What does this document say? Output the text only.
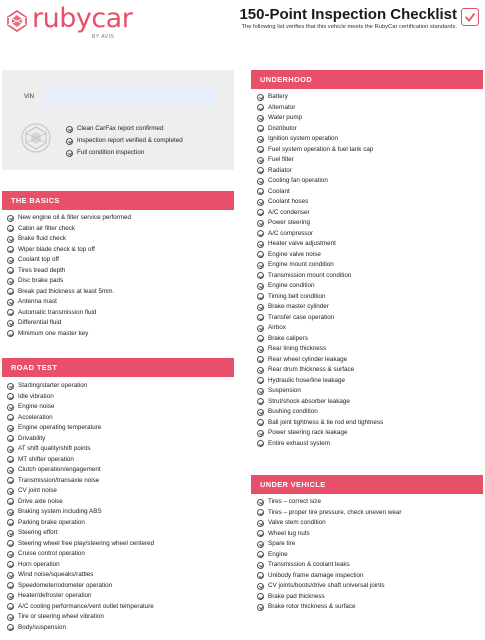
rubycar
BY AVIS
150-Point Inspection Checklist
The following list verifies that this vehicle meets the RubyCar certification standards.
VIN
Clean CarFax report confirmed
Inspection report verified & completed
Full condition inspection
THE BASICS
New engine oil & filter service performed
Cabin air filter check
Brake fluid check
Wiper blade check & top off
Coolant top off
Tires tread depth
Disc brake pads
Break pad thickness at least 5mm.
Antenna mast
Automatic transmission fluid
Differential fluid
Minimum one master key
ROAD TEST
Starting/starter operation
Idle vibration
Engine noise
Acceleration
Engine operating temperature
Drivability
AT shift quality/shift points
MT shifter operation
Clutch operation/engagement
Transmission/transaxle noise
CV joint noise
Drive axle noise
Braking system including ABS
Parking brake operation
Steering effort
Steering wheel free play/steering wheel centered
Cruise control operation
Horn operation
Wind noise/squeaks/rattles
Speedometer/odometer operation
Heater/defroster operation
A/C cooling performance/vent outlet temperature
Tire or steering wheel vibration
Body/suspension
UNDERHOOD
Battery
Alternator
Water pump
Distributor
Ignition system operation
Fuel system operation & fuel tank cap
Fuel filter
Radiator
Cooling fan operation
Coolant
Coolant hoses
A/C condenser
Power steering
A/C compressor
Heater valve adjustment
Engine valve noise
Engine mount condition
Transmission mount condition
Engine condition
Timing belt condition
Brake master cylinder
Transfer case operation
Airbox
Brake calipers
Rear lining thickness
Rear wheel cylinder leakage
Rear drum thickness & surface
Hydraulic hose/line leakage
Suspension
Strut/shock absorber leakage
Bushing condition
Ball joint tightness & tie rod end tightness
Power steering rack leakage
Entire exhaust system
UNDER VEHICLE
Tires – correct size
Tires – proper tire pressure, check uneven wear
Valve stem condition
Wheel lug nuts
Spare tire
Engine
Transmission & coolant leaks
Unibody frame damage inspection
CV joints/boots/drive shaft universal joints
Brake pad thickness
Brake rotor thickness & surface
